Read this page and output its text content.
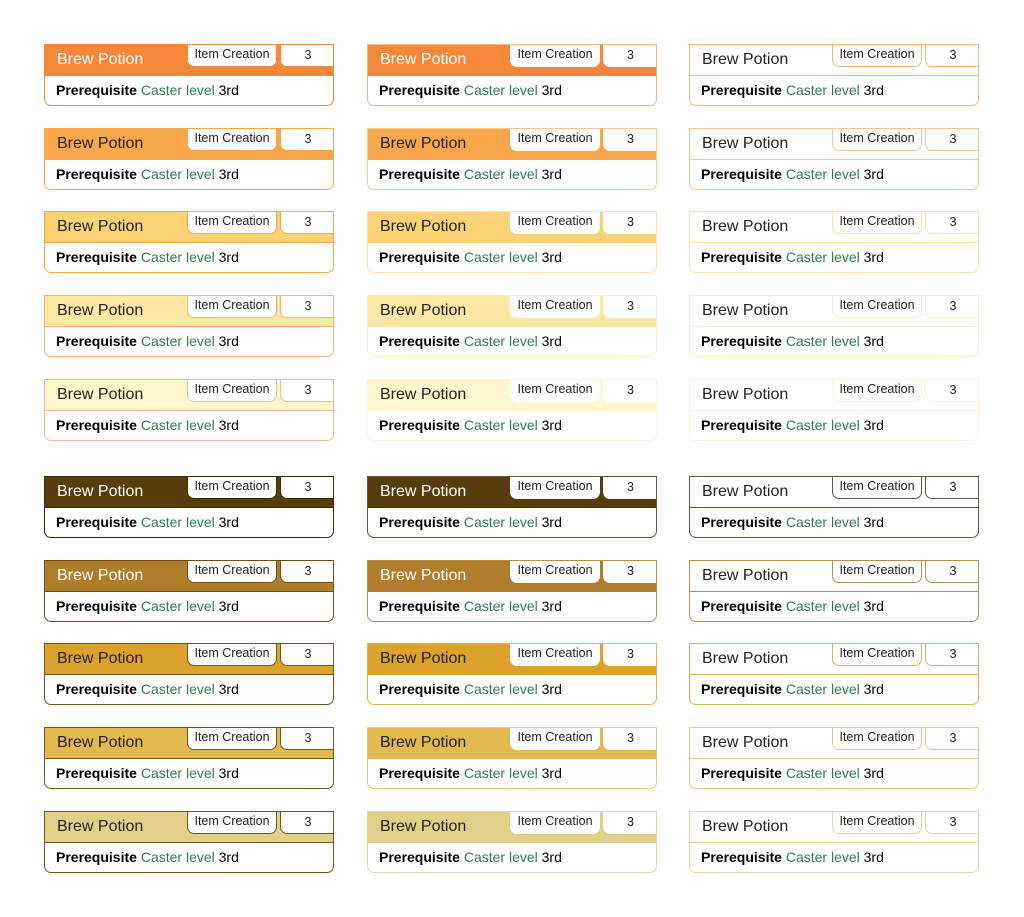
Brew Potion	Item Creation	3
Prerequisite Caster level 3rd
Brew Potion	Item Creation	3
Prerequisite Caster level 3rd
Brew Potion	Item Creation	3
Prerequisite Caster level 3rd
Brew Potion	Item Creation	3
Prerequisite Caster level 3rd
Brew Potion	Item Creation	3
Prerequisite Caster level 3rd
Brew Potion	Item Creation	3
Prerequisite Caster level 3rd
Brew Potion	Item Creation	3
Prerequisite Caster level 3rd
Brew Potion	Item Creation	3
Prerequisite Caster level 3rd
Brew Potion	Item Creation	3
Prerequisite Caster level 3rd
Brew Potion	Item Creation	3
Prerequisite Caster level 3rd
Brew Potion	Item Creation	3
Prerequisite Caster level 3rd
Brew Potion	Item Creation	3
Prerequisite Caster level 3rd
Brew Potion	Item Creation	3
Prerequisite Caster level 3rd
Brew Potion	Item Creation	3
Prerequisite Caster level 3rd
Brew Potion	Item Creation	3
Prerequisite Caster level 3rd
Brew Potion	Item Creation	3
Prerequisite Caster level 3rd
Brew Potion	Item Creation	3
Prerequisite Caster level 3rd
Brew Potion	Item Creation	3
Prerequisite Caster level 3rd
Brew Potion	Item Creation	3
Prerequisite Caster level 3rd
Brew Potion	Item Creation	3
Prerequisite Caster level 3rd
Brew Potion	Item Creation	3
Prerequisite Caster level 3rd
Brew Potion	Item Creation	3
Prerequisite Caster level 3rd
Brew Potion	Item Creation	3
Prerequisite Caster level 3rd
Brew Potion	Item Creation	3
Prerequisite Caster level 3rd
Brew Potion	Item Creation	3
Prerequisite Caster level 3rd
Brew Potion	Item Creation	3
Prerequisite Caster level 3rd
Brew Potion	Item Creation	3
Prerequisite Caster level 3rd
Brew Potion	Item Creation	3
Prerequisite Caster level 3rd
Brew Potion	Item Creation	3
Prerequisite Caster level 3rd
Brew Potion	Item Creation	3
Prerequisite Caster level 3rd
